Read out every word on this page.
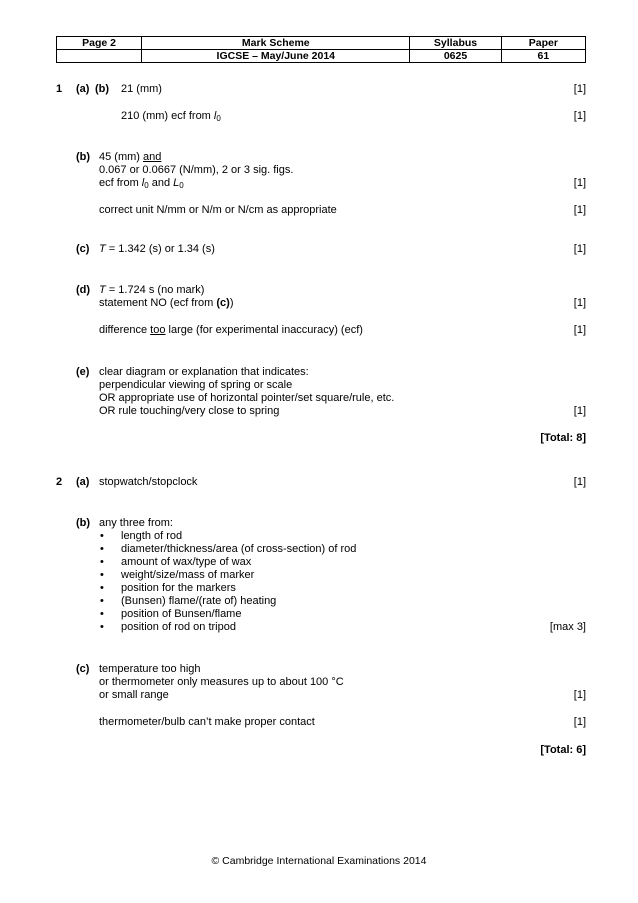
Page 2	Mark Scheme	Syllabus	Paper
	IGCSE – May/June 2014	0625	61
1 (a) (b) 21 (mm)	[1]
210 (mm) ecf from $l_0$	[1]
(b) 45 (mm) and
0.067 or 0.0667 (N/mm), 2 or 3 sig. figs.
ecf from $l_0$ and $L_0$	[1]
correct unit N/mm or N/m or N/cm as appropriate	[1]
(c) T = 1.342 (s) or 1.34 (s)	[1]
(d) T = 1.724 s (no mark)
statement NO (ecf from (c))	[1]
difference too large (for experimental inaccuracy) (ecf)	[1]
(e) clear diagram or explanation that indicates:
perpendicular viewing of spring or scale
OR appropriate use of horizontal pointer/set square/rule, etc.
OR rule touching/very close to spring	[1]
[Total: 8]
2 (a) stopwatch/stopclock	[1]
(b) any three from:
• length of rod
• diameter/thickness/area (of cross-section) of rod
• amount of wax/type of wax
• weight/size/mass of marker
• position for the markers
• (Bunsen) flame/(rate of) heating
• position of Bunsen/flame
• position of rod on tripod	[max 3]
(c) temperature too high
or thermometer only measures up to about 100 °C
or small range	[1]
thermometer/bulb can’t make proper contact	[1]
[Total: 6]
© Cambridge International Examinations 2014
